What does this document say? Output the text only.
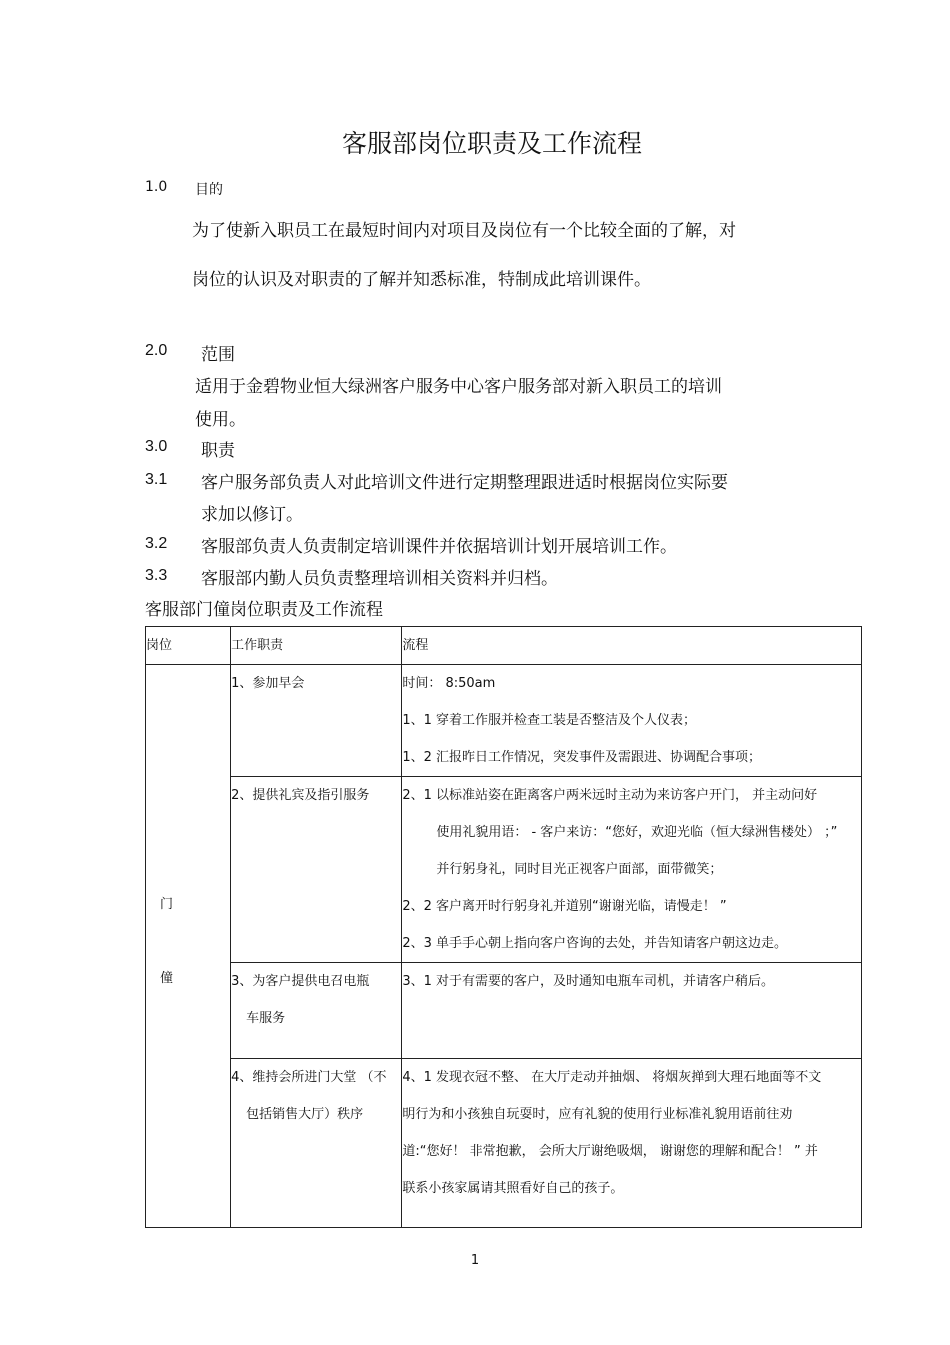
客服部岗位职责及工作流程
1.0 目的
为了使新入职员工在最短时间内对项目及岗位有一个比较全面的了解，对
岗位的认识及对职责的了解并知悉标准，特制成此培训课件。
2.0 范围
适用于金碧物业恒大绿洲客户服务中心客户服务部对新入职员工的培训
使用。
3.0 职责
3.1 客户服务部负责人对此培训文件进行定期整理跟进适时根据岗位实际要
求加以修订。
3.2 客服部负责人负责制定培训课件并依据培训计划开展培训工作。
3.3 客服部内勤人员负责整理培训相关资料并归档。
客服部门僮岗位职责及工作流程
岗位	工作职责	流程

门
僮	1、参加早会	时间： 8:50am
1、1 穿着工作服并检查工装是否整洁及个人仪表；
1、2 汇报昨日工作情况，突发事件及需跟进、协调配合事项；

	2、提供礼宾及指引服务	2、1 以标准站姿在距离客户两米远时主动为来访客户开门， 并主动问好
使用礼貌用语： - 客户来访：“您好，欢迎光临（恒大绿洲售楼处） ；”
并行躬身礼，同时目光正视客户面部，面带微笑；
2、2 客户离开时行躬身礼并道别“谢谢光临，请慢走！ ”
2、3 单手手心朝上指向客户咨询的去处，并告知请客户朝这边走。

	3、为客户提供电召电瓶
车服务	3、1 对于有需要的客户，及时通知电瓶车司机，并请客户稍后。

	4、维持会所进门大堂 （不
包括销售大厅）秩序	4、1 发现衣冠不整、 在大厅走动并抽烟、 将烟灰掸到大理石地面等不文
明行为和小孩独自玩耍时，应有礼貌的使用行业标准礼貌用语前往劝
道:“您好！ 非常抱歉， 会所大厅谢绝吸烟， 谢谢您的理解和配合！ ” 并
联系小孩家属请其照看好自己的孩子。
1
